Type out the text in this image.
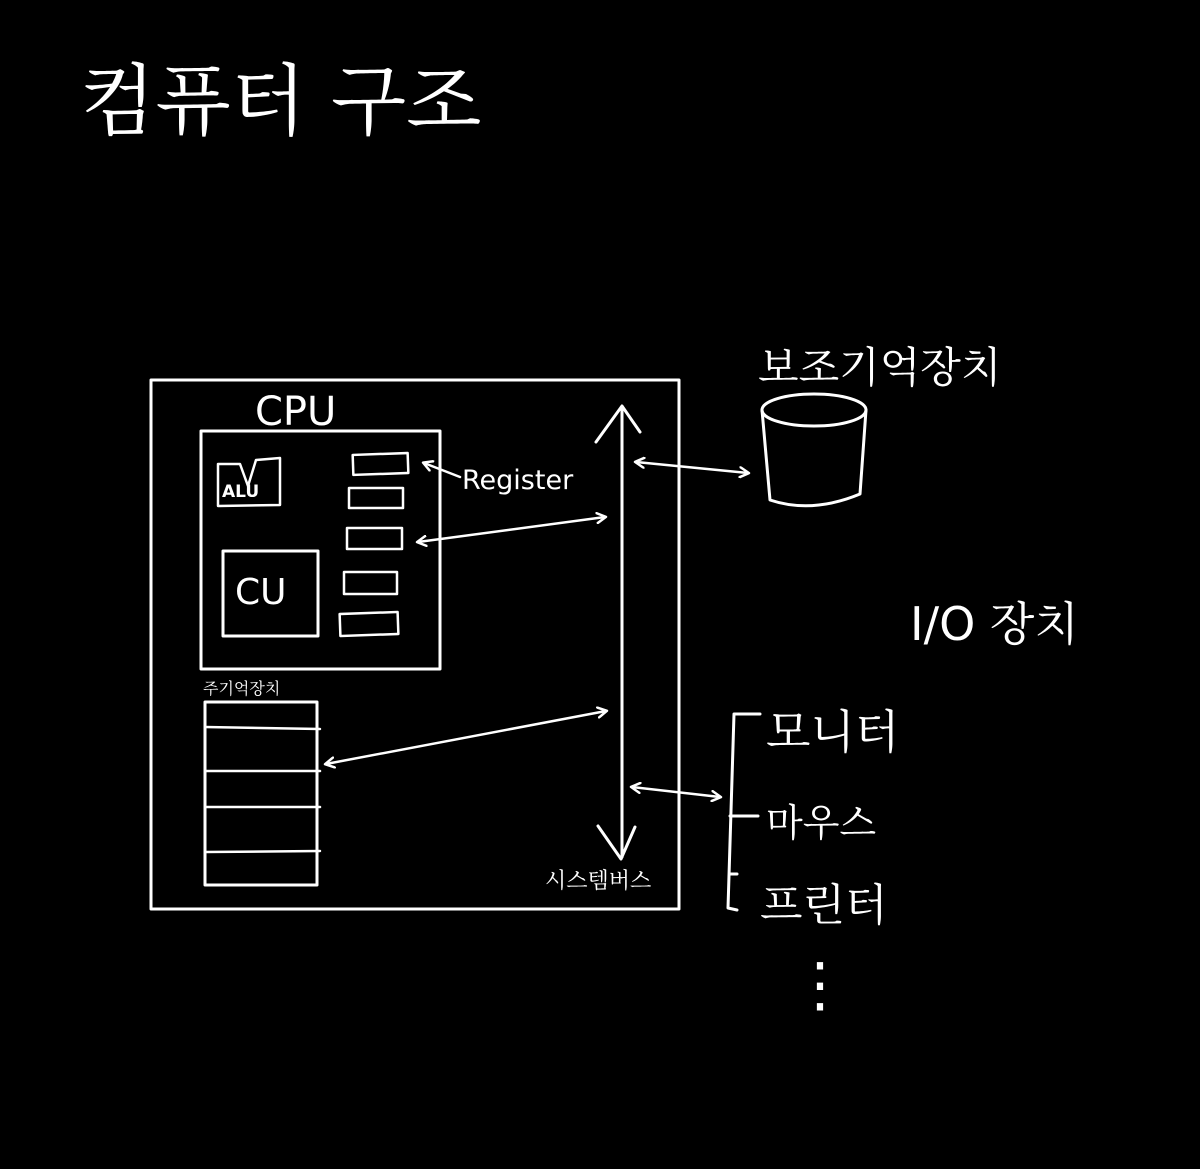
컴퓨터 구조
CPU
ALU
CU
Register
주기억장치
시스템버스
보조기억장치
I/O 장치
모니터
마우스
프린터
⋮
